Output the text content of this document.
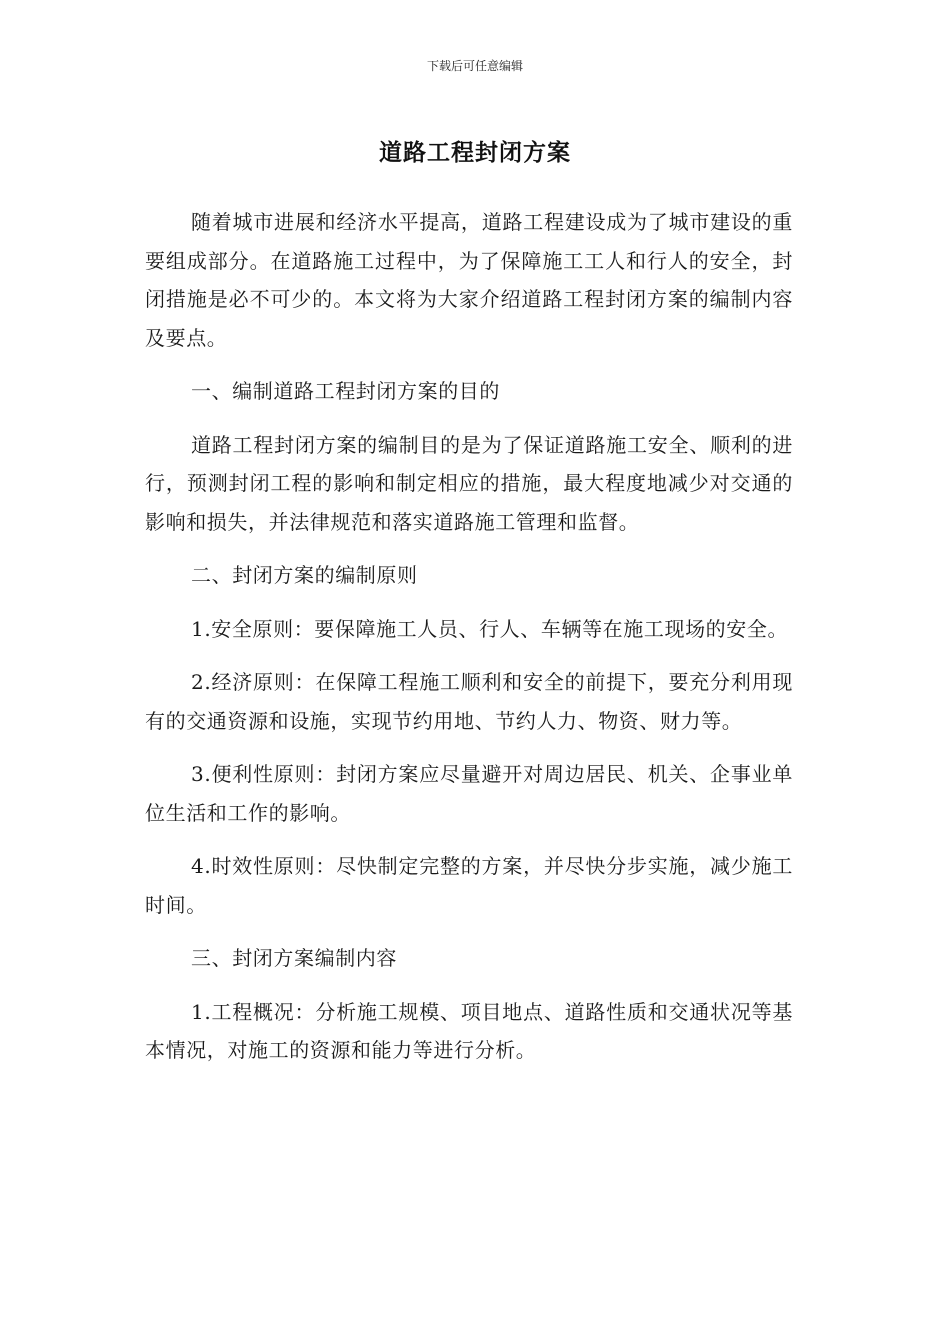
下载后可任意编辑
道路工程封闭方案

随着城市进展和经济水平提高，道路工程建设成为了城市建设的重要组成部分。在道路施工过程中，为了保障施工工人和行人的安全，封闭措施是必不可少的。本文将为大家介绍道路工程封闭方案的编制内容及要点。

一、编制道路工程封闭方案的目的

道路工程封闭方案的编制目的是为了保证道路施工安全、顺利的进行，预测封闭工程的影响和制定相应的措施，最大程度地减少对交通的影响和损失，并法律规范和落实道路施工管理和监督。

二、封闭方案的编制原则

1.安全原则：要保障施工人员、行人、车辆等在施工现场的安全。

2.经济原则：在保障工程施工顺利和安全的前提下，要充分利用现有的交通资源和设施，实现节约用地、节约人力、物资、财力等。

3.便利性原则：封闭方案应尽量避开对周边居民、机关、企事业单位生活和工作的影响。

4.时效性原则：尽快制定完整的方案，并尽快分步实施，减少施工时间。

三、封闭方案编制内容

1.工程概况：分析施工规模、项目地点、道路性质和交通状况等基本情况，对施工的资源和能力等进行分析。
